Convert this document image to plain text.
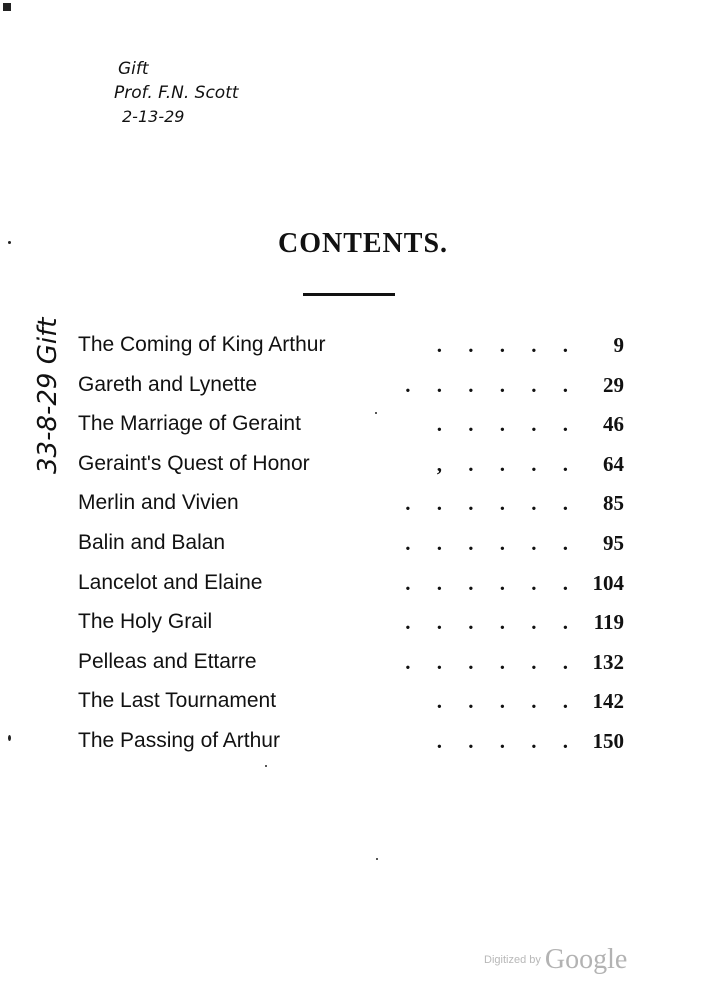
Gift
Prof. F.N. Scott
2-13-29
33-8-29 Gift
CONTENTS.
The Coming of King Arthur	.     .     .     .     . 9
Gareth and Lynette	.     .     .     .     .     . 29
The Marriage of Geraint	.     .     .     .     . 46
Geraint's Quest of Honor	,     .     .     .     . 64
Merlin and Vivien	.     .     .     .     .     . 85
Balin and Balan	.     .     .     .     .     . 95
Lancelot and Elaine	.     .     .     .     .     . 104
The Holy Grail	.     .     .     .     .     . 119
Pelleas and Ettarre	.     .     .     .     .     . 132
The Last Tournament	.     .     .     .     . 142
The Passing of Arthur	.     .     .     .     . 150
Digitized by Google
